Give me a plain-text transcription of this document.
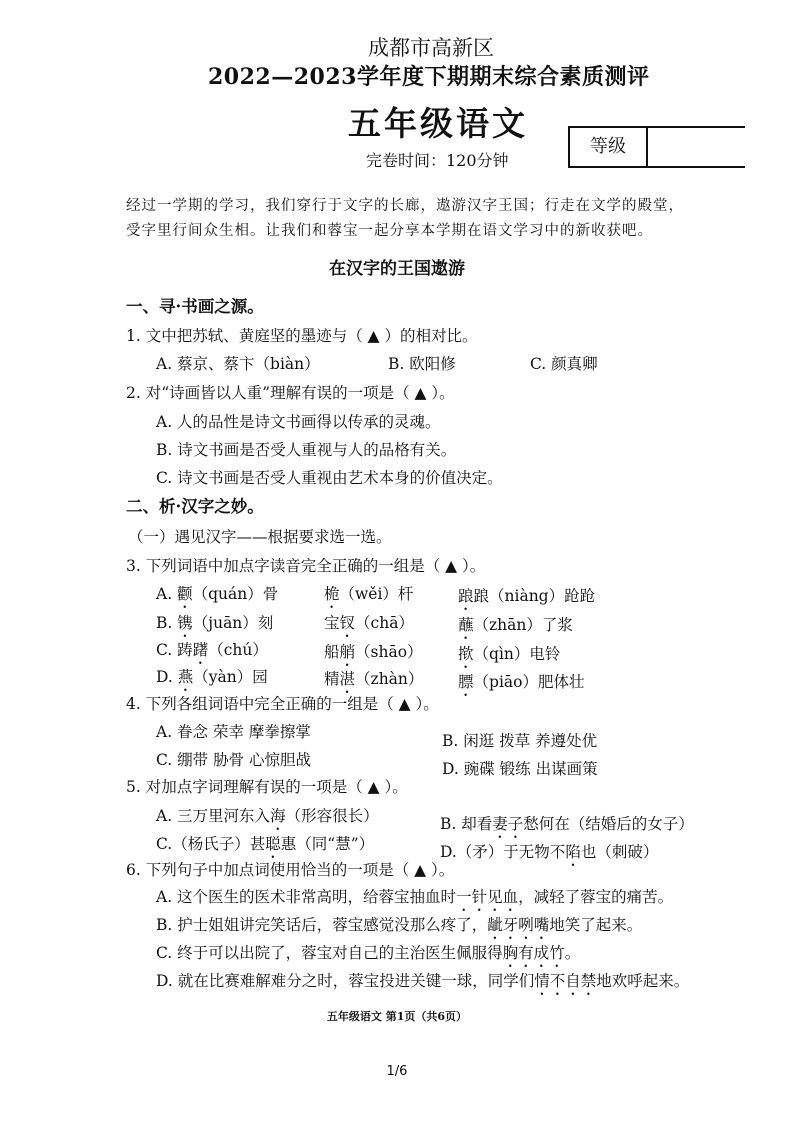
成都市高新区
2022—2023学年度下期期末综合素质测评
五年级语文
等级
完卷时间：120分钟
经过一学期的学习，我们穿行于文字的长廊，遨游汉字王国；行走在文学的殿堂，
受字里行间众生相。让我们和蓉宝一起分享本学期在语文学习中的新收获吧。
在汉字的王国遨游
一、寻·书画之源。
1. 文中把苏轼、黄庭坚的墨迹与（ ▲ ）的相对比。
A. 蔡京、蔡卞（biàn）	B. 欧阳修	C. 颜真卿
2. 对“诗画皆以人重”理解有误的一项是（ ▲ ）。
A. 人的品性是诗文书画得以传承的灵魂。
B. 诗文书画是否受人重视与人的品格有关。
C. 诗文书画是否受人重视由艺术本身的价值决定。
二、析·汉字之妙。
（一）遇见汉字——根据要求选一选。
3. 下列词语中加点字读音完全正确的一组是（ ▲ ）。
A. 颧（quán）骨	桅（wěi）杆	踉踉（niàng）跄跄
B. 镌（juān）刻	宝钗（chā）	蘸（zhān）了浆
C. 踌躇（chú）	船艄（shāo） 揿（qìn）电铃
D. 燕（yàn）园	精湛（zhàn） 膘（piāo）肥体壮
4. 下列各组词语中完全正确的一组是（ ▲ ）。
A. 眷念 荣幸 摩拳擦掌	B. 闲逛 拨草 养遵处优
C. 绷带 胁骨 心惊胆战	D. 豌碟 锻练 出谋画策
5. 对加点字词理解有误的一项是（ ▲ ）。
A. 三万里河东入海（形容很长）	B. 却看妻子愁何在（结婚后的女子）
C.（杨氏子）甚聪惠（同“慧”）	D.（矛）于无物不陷也（刺破）
6. 下列句子中加点词使用恰当的一项是（ ▲ ）。
A. 这个医生的医术非常高明，给蓉宝抽血时一针见血，减轻了蓉宝的痛苦。
B. 护士姐姐讲完笑话后，蓉宝感觉没那么疼了，龇牙咧嘴地笑了起来。
C. 终于可以出院了，蓉宝对自己的主治医生佩服得胸有成竹。
D. 就在比赛难解难分之时，蓉宝投进关键一球，同学们情不自禁地欢呼起来。
五年级语文 第1页（共6页）
1/6
